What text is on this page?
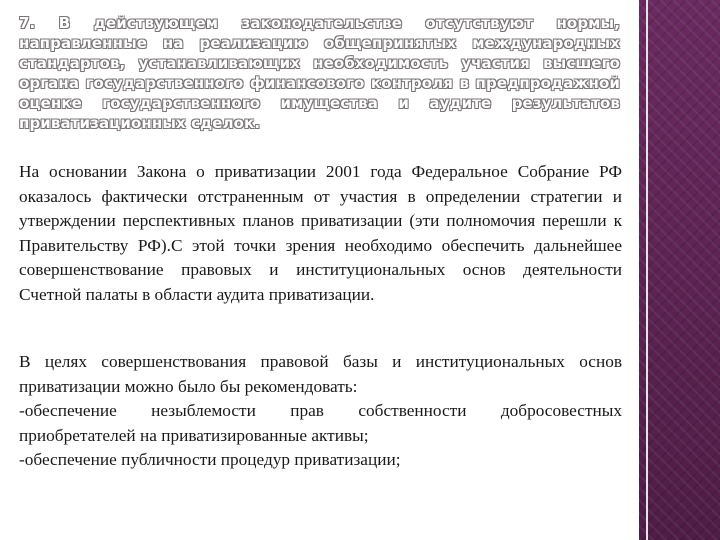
7. В действующем законодательстве отсутствуют нормы, направленные на реализацию общепринятых международных стандартов, устанавливающих необходимость участия высшего органа государственного финансового контроля в предпродажной оценке государственного имущества и аудите результатов приватизационных сделок.

На основании Закона о приватизации 2001 года Федеральное Собрание РФ оказалось фактически отстраненным от участия в определении стратегии и утверждении перспективных планов приватизации (эти полномочия перешли к Правительству РФ).С этой точки зрения необходимо обеспечить дальнейшее совершенствование правовых и институциональных основ деятельности Счетной палаты в области аудита приватизации.

В целях совершенствования правовой базы и институциональных основ приватизации можно было бы рекомендовать:
-обеспечение незыблемости прав собственности добросовестных приобретателей на приватизированные активы;
-обеспечение публичности процедур приватизации;
